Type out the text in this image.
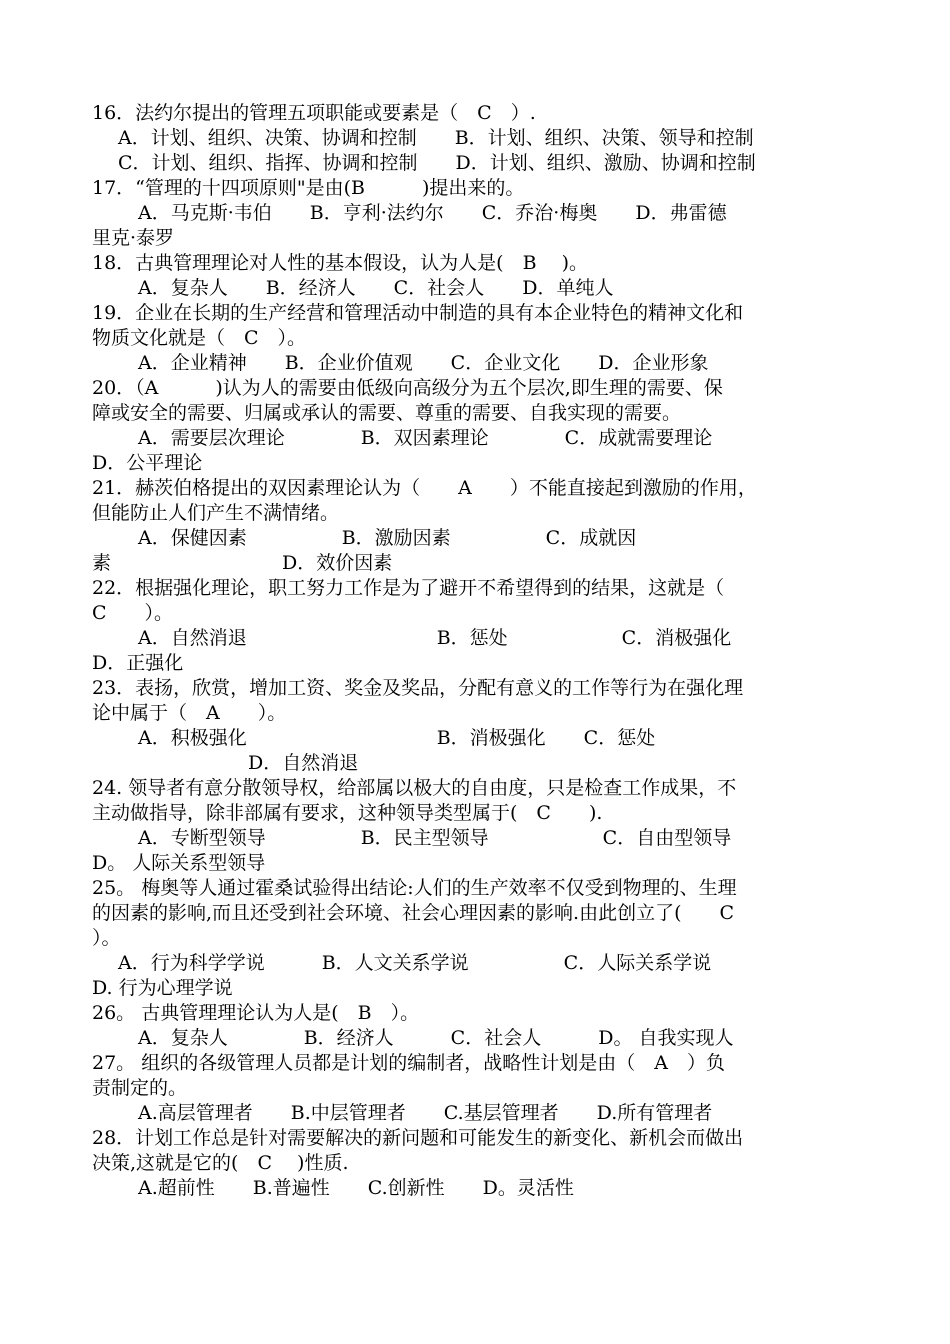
16．法约尔提出的管理五项职能或要素是（　C　）.
A．计划、组织、决策、协调和控制　　B．计划、组织、决策、领导和控制
C．计划、组织、指挥、协调和控制　　D．计划、组织、激励、协调和控制
17．“管理的十四项原则"是由(B　　　)提出来的。
A．马克斯·韦伯　　B．亨利·法约尔　　C．乔治·梅奥　　D．弗雷德
里克·泰罗
18．古典管理理论对人性的基本假设，认为人是(　B　 )。
A．复杂人　　B．经济人　　C．社会人　　D．单纯人
19．企业在长期的生产经营和管理活动中制造的具有本企业特色的精神文化和
物质文化就是（　C　）。
A．企业精神　　B．企业价值观　　C．企业文化　　D．企业形象
20．（A　　　)认为人的需要由低级向高级分为五个层次,即生理的需要、保
障或安全的需要、归属或承认的需要、尊重的需要、自我实现的需要。
A．需要层次理论　　　　B．双因素理论　　　　C．成就需要理论
D．公平理论
21．赫茨伯格提出的双因素理论认为（　　A　　）不能直接起到激励的作用，
但能防止人们产生不满情绪。
A．保健因素　　　　　B．激励因素　　　　　C．成就因
素　　　　　　　　　D．效价因素
22．根据强化理论，职工努力工作是为了避开不希望得到的结果，这就是（
C　　）。
A．自然消退　　　　　　　　　　B．惩处　　　　　　C．消极强化
D．正强化
23．表扬，欣赏，增加工资、奖金及奖品，分配有意义的工作等行为在强化理
论中属于（　A　　）。
A．积极强化　　　　　　　　　　B．消极强化　　C．惩处
D．自然消退
24. 领导者有意分散领导权，给部属以极大的自由度，只是检查工作成果，不
主动做指导，除非部属有要求，这种领导类型属于(　C　　).
A．专断型领导　　　　　B．民主型领导　　　　　　C．自由型领导
D。 人际关系型领导
25。 梅奥等人通过霍桑试验得出结论:人们的生产效率不仅受到物理的、生理
的因素的影响,而且还受到社会环境、社会心理因素的影响.由此创立了(　　C
）。
A．行为科学学说　　　B．人文关系学说　　　　　C．人际关系学说
D. 行为心理学说
26。 古典管理理论认为人是(　B　）。
A．复杂人　　　　B．经济人　　　C．社会人　　　D。 自我实现人
27。 组织的各级管理人员都是计划的编制者，战略性计划是由（　A　）负
责制定的。
A.高层管理者　　B.中层管理者　　C.基层管理者　　D.所有管理者
28．计划工作总是针对需要解决的新问题和可能发生的新变化、新机会而做出
决策,这就是它的(　C　 )性质.
A.超前性　　B.普遍性　　C.创新性　　D。灵活性
